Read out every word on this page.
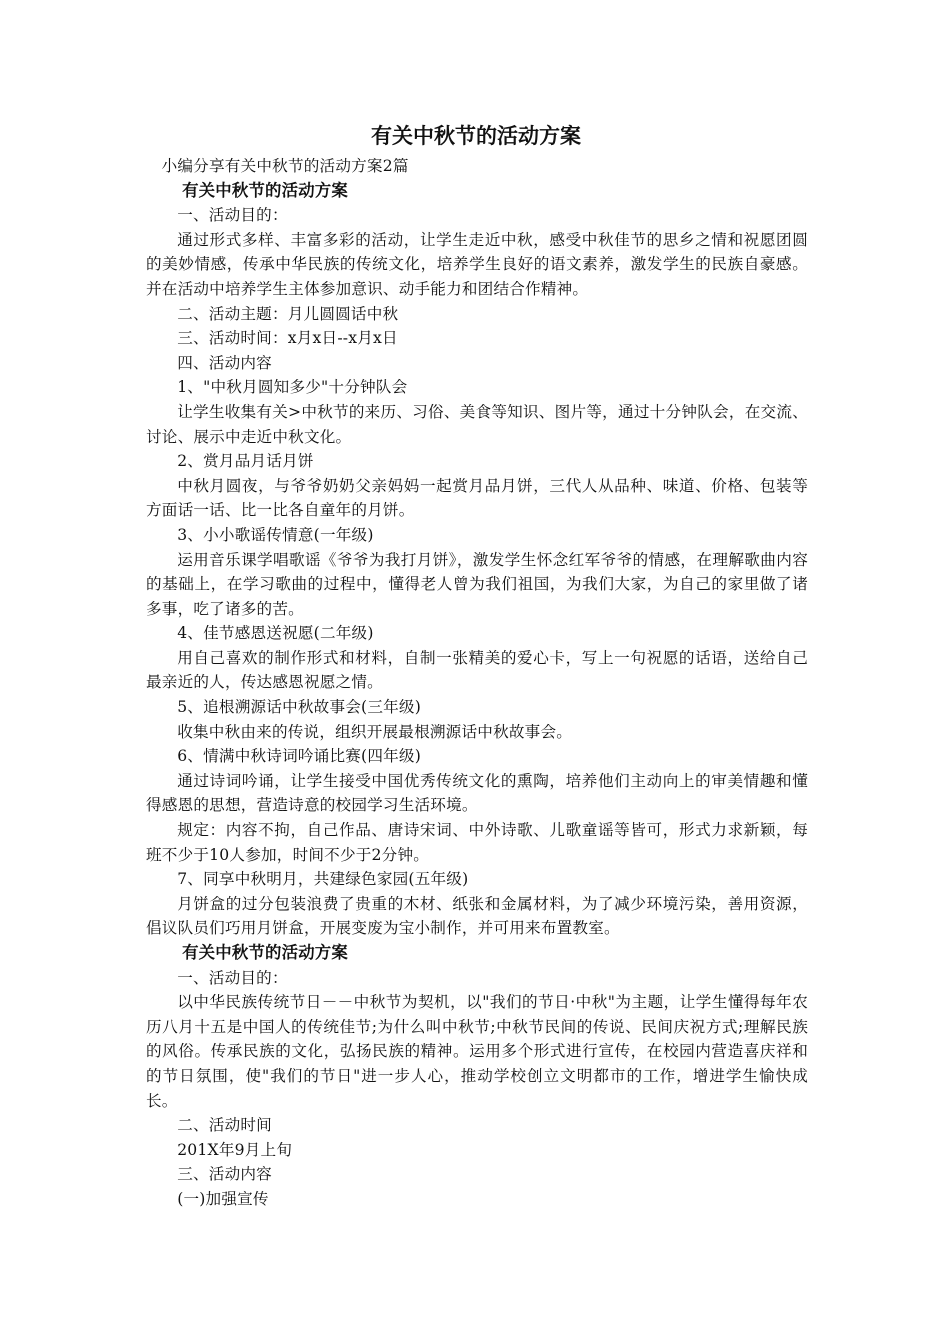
有关中秋节的活动方案

小编分享有关中秋节的活动方案2篇

有关中秋节的活动方案

一、活动目的：

通过形式多样、丰富多彩的活动，让学生走近中秋，感受中秋佳节的思乡之情和祝愿团圆的美妙情感，传承中华民族的传统文化，培养学生良好的语文素养，激发学生的民族自豪感。并在活动中培养学生主体参加意识、动手能力和团结合作精神。

二、活动主题：月儿圆圆话中秋

三、活动时间：x月x日--x月x日

四、活动内容

1、"中秋月圆知多少"十分钟队会

让学生收集有关>中秋节的来历、习俗、美食等知识、图片等，通过十分钟队会，在交流、讨论、展示中走近中秋文化。

2、赏月品月话月饼

中秋月圆夜，与爷爷奶奶父亲妈妈一起赏月品月饼，三代人从品种、味道、价格、包装等方面话一话、比一比各自童年的月饼。

3、小小歌谣传情意(一年级)

运用音乐课学唱歌谣《爷爷为我打月饼》，激发学生怀念红军爷爷的情感，在理解歌曲内容的基础上，在学习歌曲的过程中，懂得老人曾为我们祖国，为我们大家，为自己的家里做了诸多事，吃了诸多的苦。

4、佳节感恩送祝愿(二年级)

用自己喜欢的制作形式和材料，自制一张精美的爱心卡，写上一句祝愿的话语，送给自己最亲近的人，传达感恩祝愿之情。

5、追根溯源话中秋故事会(三年级)

收集中秋由来的传说，组织开展最根溯源话中秋故事会。

6、情满中秋诗词吟诵比赛(四年级)

通过诗词吟诵，让学生接受中国优秀传统文化的熏陶，培养他们主动向上的审美情趣和懂得感恩的思想，营造诗意的校园学习生活环境。

规定：内容不拘，自己作品、唐诗宋词、中外诗歌、儿歌童谣等皆可，形式力求新颖，每班不少于10人参加，时间不少于2分钟。

7、同享中秋明月，共建绿色家园(五年级)

月饼盒的过分包装浪费了贵重的木材、纸张和金属材料，为了减少环境污染，善用资源，倡议队员们巧用月饼盒，开展变废为宝小制作，并可用来布置教室。

有关中秋节的活动方案

一、活动目的：

以中华民族传统节日－－中秋节为契机，以"我们的节日·中秋"为主题，让学生懂得每年农历八月十五是中国人的传统佳节;为什么叫中秋节;中秋节民间的传说、民间庆祝方式;理解民族的风俗。传承民族的文化，弘扬民族的精神。运用多个形式进行宣传，在校园内营造喜庆祥和的节日氛围，使"我们的节日"进一步人心，推动学校创立文明都市的工作，增进学生愉快成长。

二、活动时间

201X年9月上旬

三、活动内容

(一)加强宣传
